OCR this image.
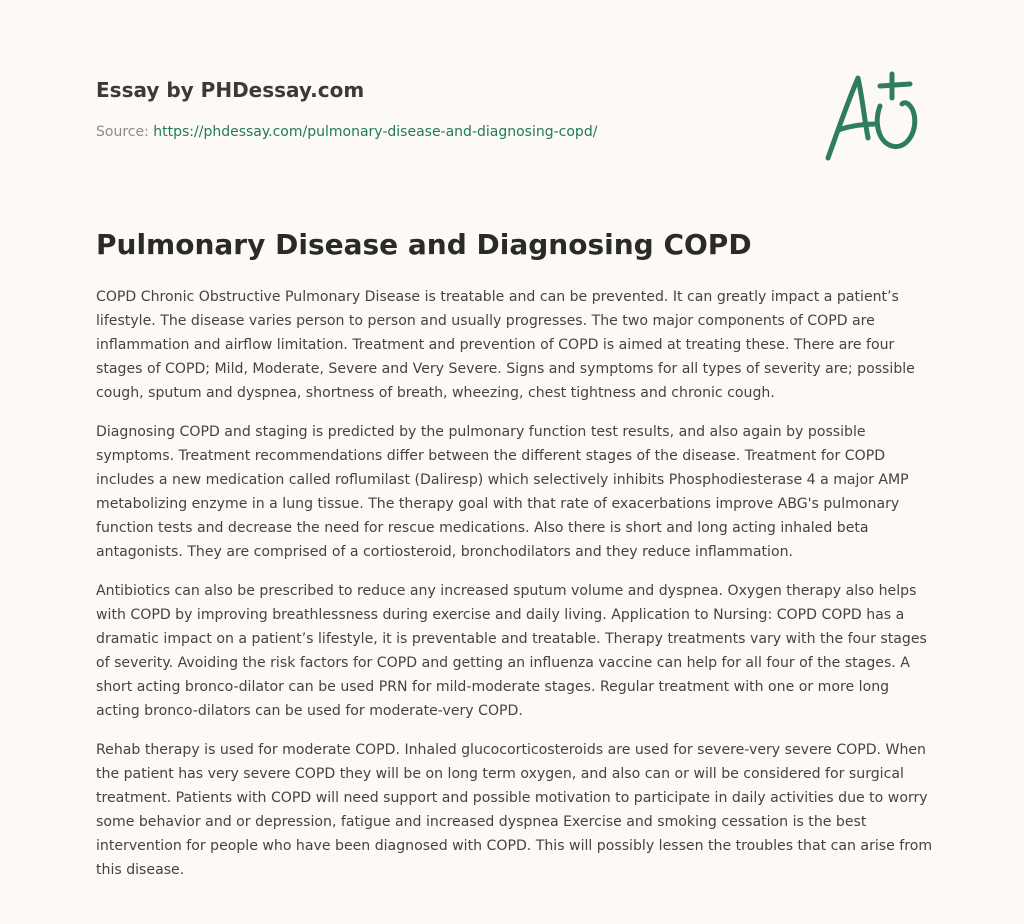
Essay by PHDessay.com
Source: https://phdessay.com/pulmonary-disease-and-diagnosing-copd/
Pulmonary Disease and Diagnosing COPD

COPD Chronic Obstructive Pulmonary Disease is treatable and can be prevented. It can greatly impact a patient’s lifestyle. The disease varies person to person and usually progresses. The two major components of COPD are inflammation and airflow limitation. Treatment and prevention of COPD is aimed at treating these. There are four stages of COPD; Mild, Moderate, Severe and Very Severe. Signs and symptoms for all types of severity are; possible cough, sputum and dyspnea, shortness of breath, wheezing, chest tightness and chronic cough.

Diagnosing COPD and staging is predicted by the pulmonary function test results, and also again by possible symptoms. Treatment recommendations differ between the different stages of the disease. Treatment for COPD includes a new medication called roflumilast (Daliresp) which selectively inhibits Phosphodiesterase 4 a major AMP metabolizing enzyme in a lung tissue. The therapy goal with that rate of exacerbations improve ABG's pulmonary function tests and decrease the need for rescue medications. Also there is short and long acting inhaled beta antagonists. They are comprised of a cortiosteroid, bronchodilators and they reduce inflammation.

Antibiotics can also be prescribed to reduce any increased sputum volume and dyspnea. Oxygen therapy also helps with COPD by improving breathlessness during exercise and daily living. Application to Nursing: COPD COPD has a dramatic impact on a patient’s lifestyle, it is preventable and treatable. Therapy treatments vary with the four stages of severity. Avoiding the risk factors for COPD and getting an influenza vaccine can help for all four of the stages. A short acting bronco-dilator can be used PRN for mild-moderate stages. Regular treatment with one or more long acting bronco-dilators can be used for moderate-very COPD.

Rehab therapy is used for moderate COPD. Inhaled glucocorticosteroids are used for severe-very severe COPD. When the patient has very severe COPD they will be on long term oxygen, and also can or will be considered for surgical treatment. Patients with COPD will need support and possible motivation to participate in daily activities due to worry some behavior and or depression, fatigue and increased dyspnea Exercise and smoking cessation is the best intervention for people who have been diagnosed with COPD. This will possibly lessen the troubles that can arise from this disease.
